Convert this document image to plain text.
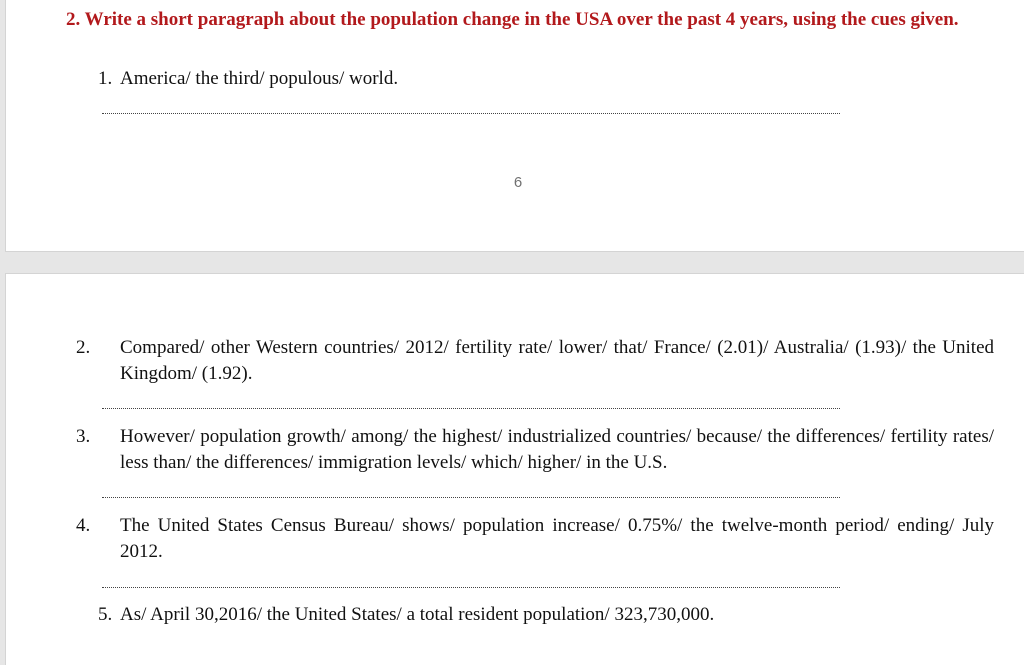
2. Write a short paragraph about the population change in the USA over the past 4 years, using the cues given.
1. America/ the third/ populous/ world.
6
2. Compared/ other Western countries/ 2012/ fertility rate/ lower/ that/ France/ (2.01)/ Australia/ (1.93)/ the United Kingdom/ (1.92).
3. However/ population growth/ among/ the highest/ industrialized countries/ because/ the differences/ fertility rates/ less than/ the differences/ immigration levels/ which/ higher/ in the U.S.
4. The United States Census Bureau/ shows/ population increase/ 0.75%/ the twelve-month period/ ending/ July 2012.
5. As/ April 30,2016/ the United States/ a total resident population/ 323,730,000.
